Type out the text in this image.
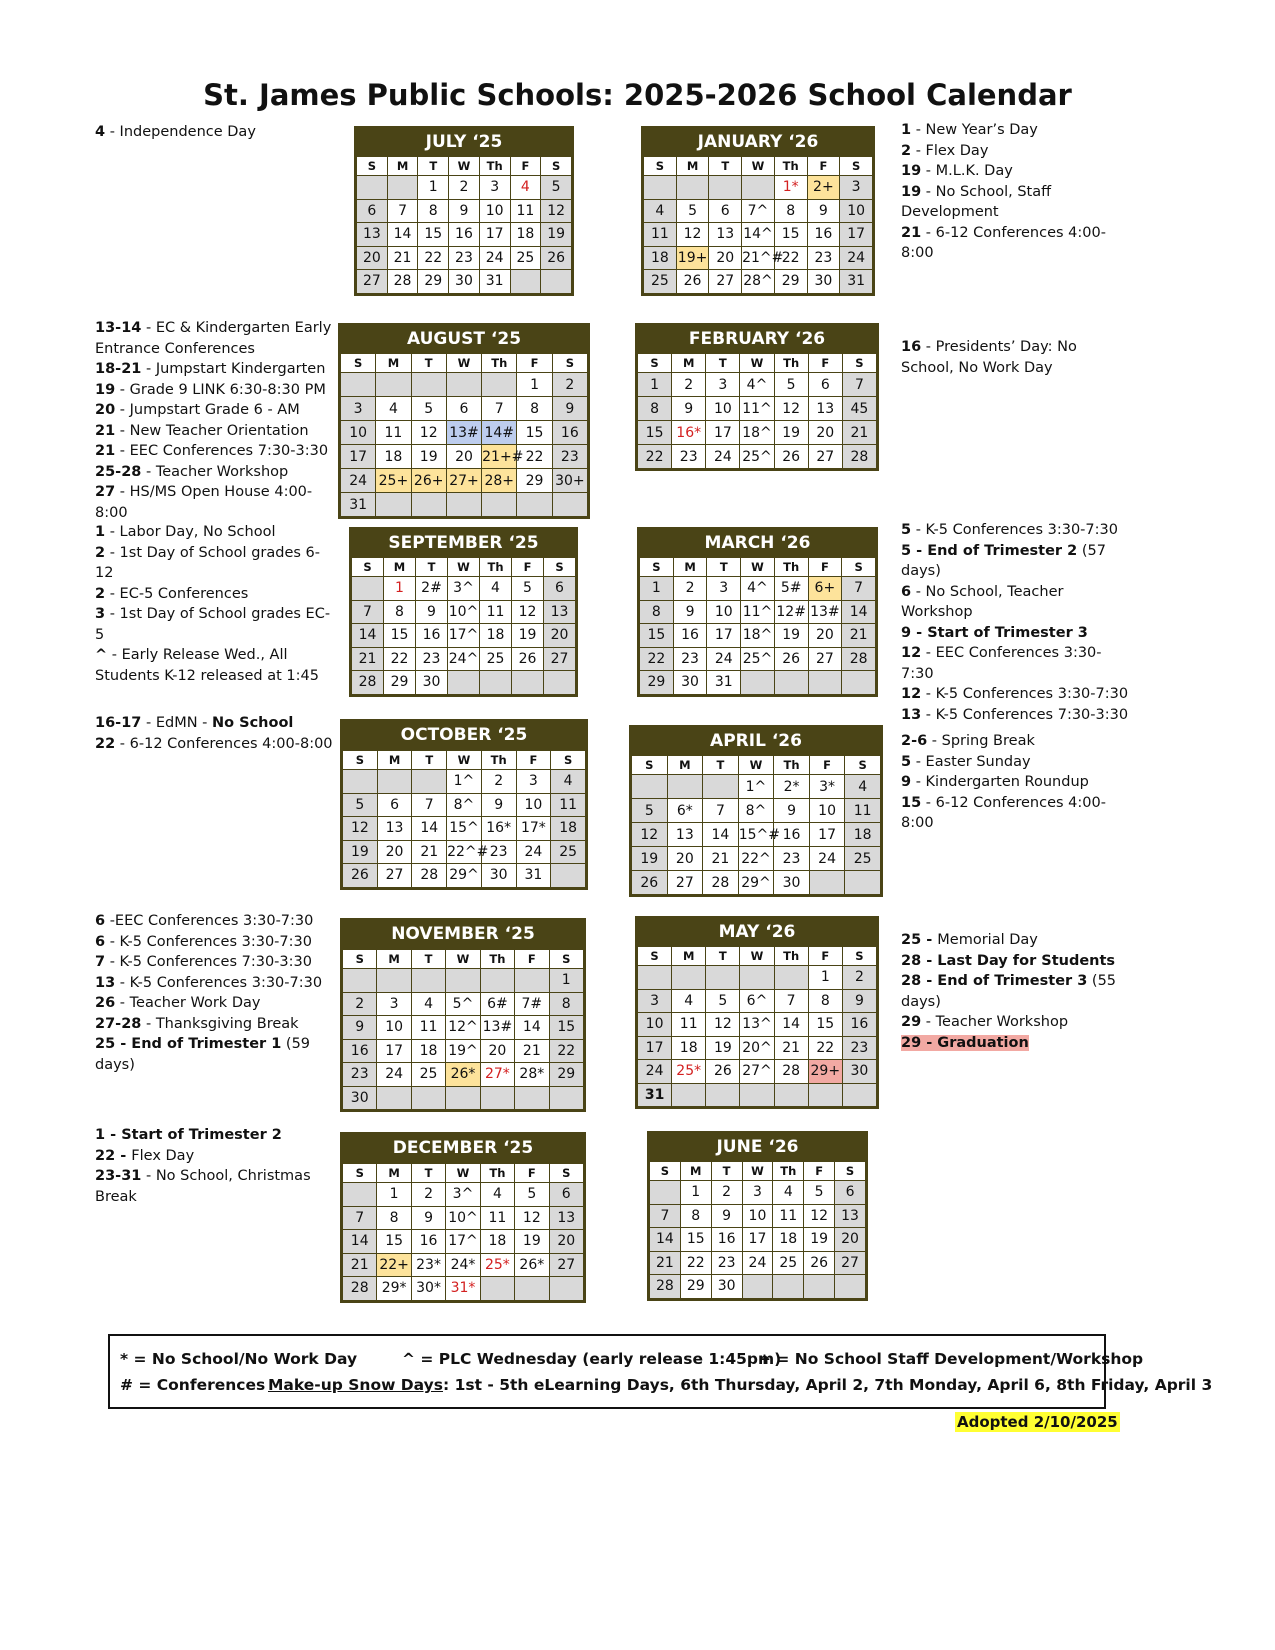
St. James Public Schools: 2025-2026 School Calendar
JULY ‘25
S	M	T	W	Th	F	S
		1	2	3	4	5
6	7	8	9	10	11	12
13	14	15	16	17	18	19
20	21	22	23	24	25	26
27	28	29	30	31		
JANUARY ‘26
S	M	T	W	Th	F	S
				1*	2+	3
4	5	6	7^	8	9	10
11	12	13	14^	15	16	17
18	19+	20	21^#	22	23	24
25	26	27	28^	29	30	31
AUGUST ‘25
S	M	T	W	Th	F	S
					1	2
3	4	5	6	7	8	9
10	11	12	13#	14#	15	16
17	18	19	20	21+#	22	23
24	25+	26+	27+	28+	29	30+
31						
FEBRUARY ‘26
S	M	T	W	Th	F	S
1	2	3	4^	5	6	7
8	9	10	11^	12	13	45
15	16*	17	18^	19	20	21
22	23	24	25^	26	27	28
SEPTEMBER ‘25
S	M	T	W	Th	F	S
	1	2#	3^	4	5	6
7	8	9	10^	11	12	13
14	15	16	17^	18	19	20
21	22	23	24^	25	26	27
28	29	30				
MARCH ‘26
S	M	T	W	Th	F	S
1	2	3	4^	5#	6+	7
8	9	10	11^	12#	13#	14
15	16	17	18^	19	20	21
22	23	24	25^	26	27	28
29	30	31				
OCTOBER ‘25
S	M	T	W	Th	F	S
			1^	2	3	4
5	6	7	8^	9	10	11
12	13	14	15^	16*	17*	18
19	20	21	22^#	23	24	25
26	27	28	29^	30	31	
APRIL ‘26
S	M	T	W	Th	F	S
			1^	2*	3*	4
5	6*	7	8^	9	10	11
12	13	14	15^#	16	17	18
19	20	21	22^	23	24	25
26	27	28	29^	30		
NOVEMBER ‘25
S	M	T	W	Th	F	S
						1
2	3	4	5^	6#	7#	8
9	10	11	12^	13#	14	15
16	17	18	19^	20	21	22
23	24	25	26*	27*	28*	29
30						
MAY ‘26
S	M	T	W	Th	F	S
					1	2
3	4	5	6^	7	8	9
10	11	12	13^	14	15	16
17	18	19	20^	21	22	23
24	25*	26	27^	28	29+	30
31						
DECEMBER ‘25
S	M	T	W	Th	F	S
	1	2	3^	4	5	6
7	8	9	10^	11	12	13
14	15	16	17^	18	19	20
21	22+	23*	24*	25*	26*	27
28	29*	30*	31*			
JUNE ‘26
S	M	T	W	Th	F	S
	1	2	3	4	5	6
7	8	9	10	11	12	13
14	15	16	17	18	19	20
21	22	23	24	25	26	27
28	29	30				
4 - Independence Day	1 - New Year’s Day
2 - Flex Day
19 - M.L.K. Day
19 - No School, Staff Development
21 - 6-12 Conferences 4:00-8:00
13-14 - EC & Kindergarten Early Entrance Conferences
18-21 - Jumpstart Kindergarten
19 - Grade 9 LINK 6:30-8:30 PM
20 - Jumpstart Grade 6 - AM
21 - New Teacher Orientation
21 - EEC Conferences 7:30-3:30
25-28 - Teacher Workshop
27 - HS/MS Open House 4:00-8:00
16 - Presidents’ Day: No School, No Work Day
1 - Labor Day, No School
2 - 1st Day of School grades 6-12
2 - EC-5 Conferences
3 - 1st Day of School grades EC-5
^ - Early Release Wed., All Students K-12 released at 1:45
5 - K-5 Conferences 3:30-7:30
5 - End of Trimester 2 (57 days)
6 - No School, Teacher Workshop
9 - Start of Trimester 3
12 - EEC Conferences 3:30-7:30
12 - K-5 Conferences 3:30-7:30
13 - K-5 Conferences 7:30-3:30
16-17 - EdMN - No School
22 - 6-12 Conferences 4:00-8:00	2-6 - Spring Break
5 - Easter Sunday
9 - Kindergarten Roundup
15 - 6-12 Conferences 4:00-8:00
6 -EEC Conferences 3:30-7:30
6 - K-5 Conferences 3:30-7:30
7 - K-5 Conferences 7:30-3:30
13 - K-5 Conferences 3:30-7:30
26 - Teacher Work Day
27-28 - Thanksgiving Break
25 - End of Trimester 1 (59 days)
25 - Memorial Day
28 - Last Day for Students
28 - End of Trimester 3 (55 days)
29 - Teacher Workshop
29 - Graduation
1 - Start of Trimester 2
22 - Flex Day
23-31 - No School, Christmas Break
* = No School/No Work Day	^ = PLC Wednesday (early release 1:45pm)
+ = No School Staff Development/Workshop
# = Conferences Make-up Snow Days: 1st - 5th eLearning Days, 6th Thursday, April 2, 7th Monday, April 6, 8th Friday, April 3
Adopted 2/10/2025
